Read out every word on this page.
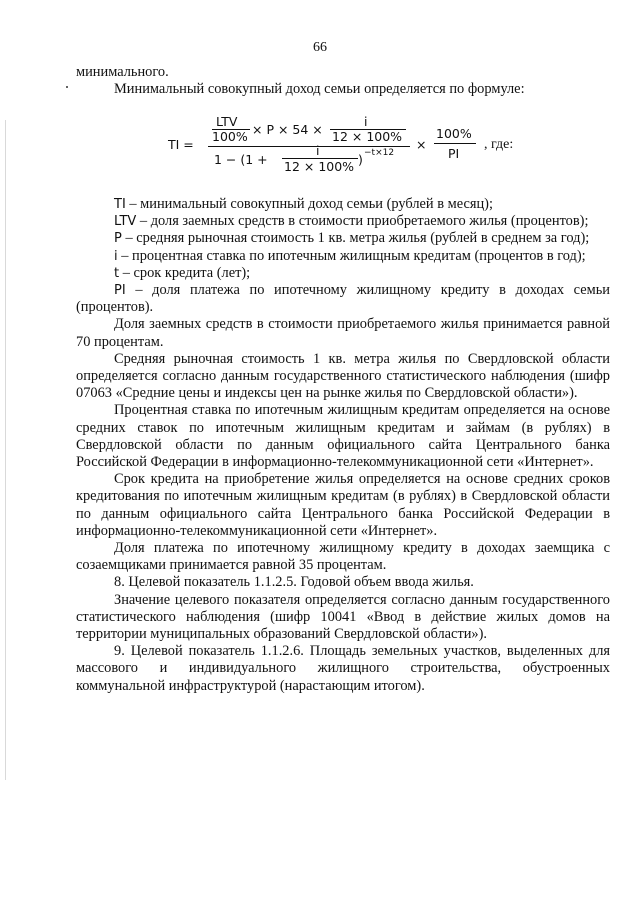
66

минимального.

Минимальный совокупный доход семьи определяется по формуле:

TI =
LTV
100% × P × 54 ×
i
12 × 100%
1 − (1 +
i
12 × 100% ) −t×12
×
100%
PI
, где:

TI – минимальный совокупный доход семьи (рублей в месяц);

LTV – доля заемных средств в стоимости приобретаемого жилья (процентов);

P – средняя рыночная стоимость 1 кв. метра жилья (рублей в среднем за год);

i – процентная ставка по ипотечным жилищным кредитам (процентов в год);

t – срок кредита (лет);

PI – доля платежа по ипотечному жилищному кредиту в доходах семьи (процентов).

Доля заемных средств в стоимости приобретаемого жилья принимается равной 70 процентам.

Средняя рыночная стоимость 1 кв. метра жилья по Свердловской области определяется согласно данным государственного статистического наблюдения (шифр 07063 «Средние цены и индексы цен на рынке жилья по Свердловской области»).

Процентная ставка по ипотечным жилищным кредитам определяется на основе средних ставок по ипотечным жилищным кредитам и займам (в рублях) в Свердловской области по данным официального сайта Центрального банка Российской Федерации в информационно-телекоммуникационной сети «Интернет».

Срок кредита на приобретение жилья определяется на основе средних сроков кредитования по ипотечным жилищным кредитам (в рублях) в Свердловской области по данным официального сайта Центрального банка Российской Федерации в информационно-телекоммуникационной сети «Интернет».

Доля платежа по ипотечному жилищному кредиту в доходах заемщика с созаемщиками принимается равной 35 процентам.

8. Целевой показатель 1.1.2.5. Годовой объем ввода жилья.

Значение целевого показателя определяется согласно данным государственного статистического наблюдения (шифр 10041 «Ввод в действие жилых домов на территории муниципальных образований Свердловской области»).

9. Целевой показатель 1.1.2.6. Площадь земельных участков, выделенных для массового и индивидуального жилищного строительства, обустроенных коммунальной инфраструктурой (нарастающим итогом).
